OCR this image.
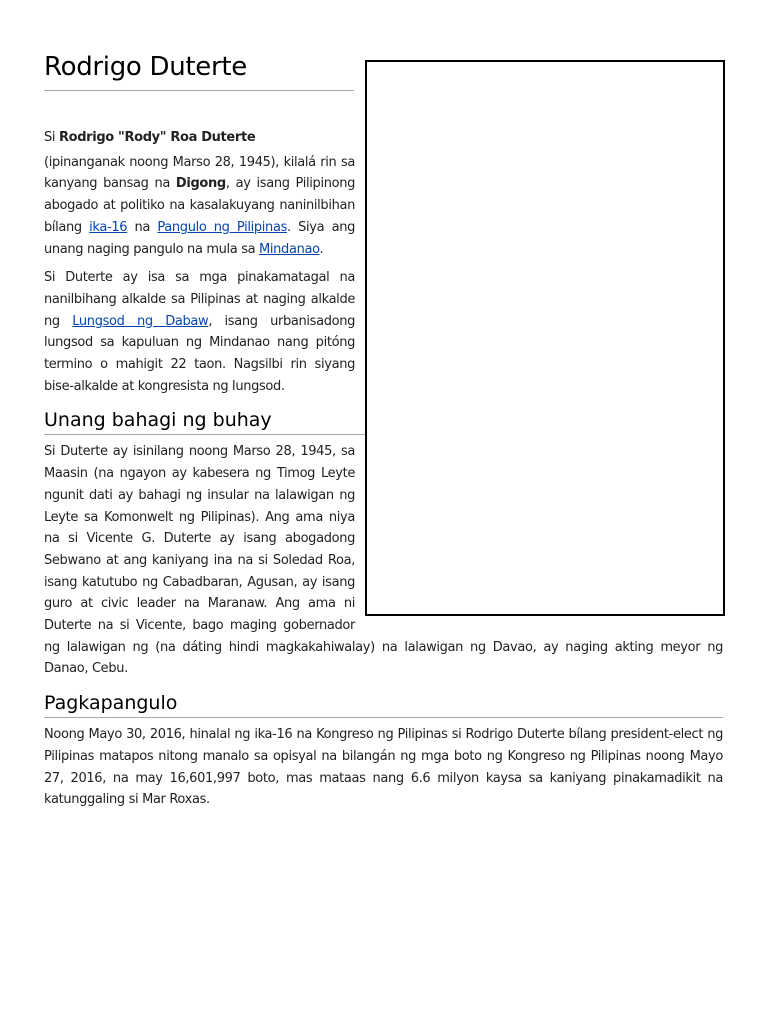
Rodrigo Duterte

Si Rodrigo "Rody" Roa Duterte

(ipinanganak noong Marso 28, 1945), kilalá rin sa kanyang bansag na Digong, ay isang Pilipinong abogado at politiko na kasalakuyang naninilbihan bílang ika-16 na Pangulo ng Pilipinas. Siya ang unang naging pangulo na mula sa Mindanao.

Si Duterte ay isa sa mga pinakamatagal na nanilbihang alkalde sa Pilipinas at naging alkalde ng Lungsod ng Dabaw, isang urbanisadong lungsod sa kapuluan ng Mindanao nang pitóng termino o mahigit 22 taon. Nagsilbi rin siyang bise-alkalde at kongresista ng lungsod.

Unang bahagi ng buhay

Si Duterte ay isinilang noong Marso 28, 1945, sa Maasin (na ngayon ay kabesera ng Timog Leyte ngunit dati ay bahagi ng insular na lalawigan ng Leyte sa Komonwelt ng Pilipinas). Ang ama niya na si Vicente G. Duterte ay isang abogadong Sebwano at ang kaniyang ina na si Soledad Roa, isang katutubo ng Cabadbaran, Agusan, ay isang guro at civic leader na Maranaw. Ang ama ni Duterte na si Vicente, bago maging gobernador ng lalawigan ng (na dáting hindi magkakahiwalay) na lalawigan ng Davao, ay naging akting meyor ng Danao, Cebu.

Pagkapangulo

Noong Mayo 30, 2016, hinalal ng ika-16 na Kongreso ng Pilipinas si Rodrigo Duterte bílang president-elect ng Pilipinas matapos nitong manalo sa opisyal na bilangán ng mga boto ng Kongreso ng Pilipinas noong Mayo 27, 2016, na may 16,601,997 boto, mas mataas nang 6.6 milyon kaysa sa kaniyang pinakamadikit na katunggaling si Mar Roxas.
